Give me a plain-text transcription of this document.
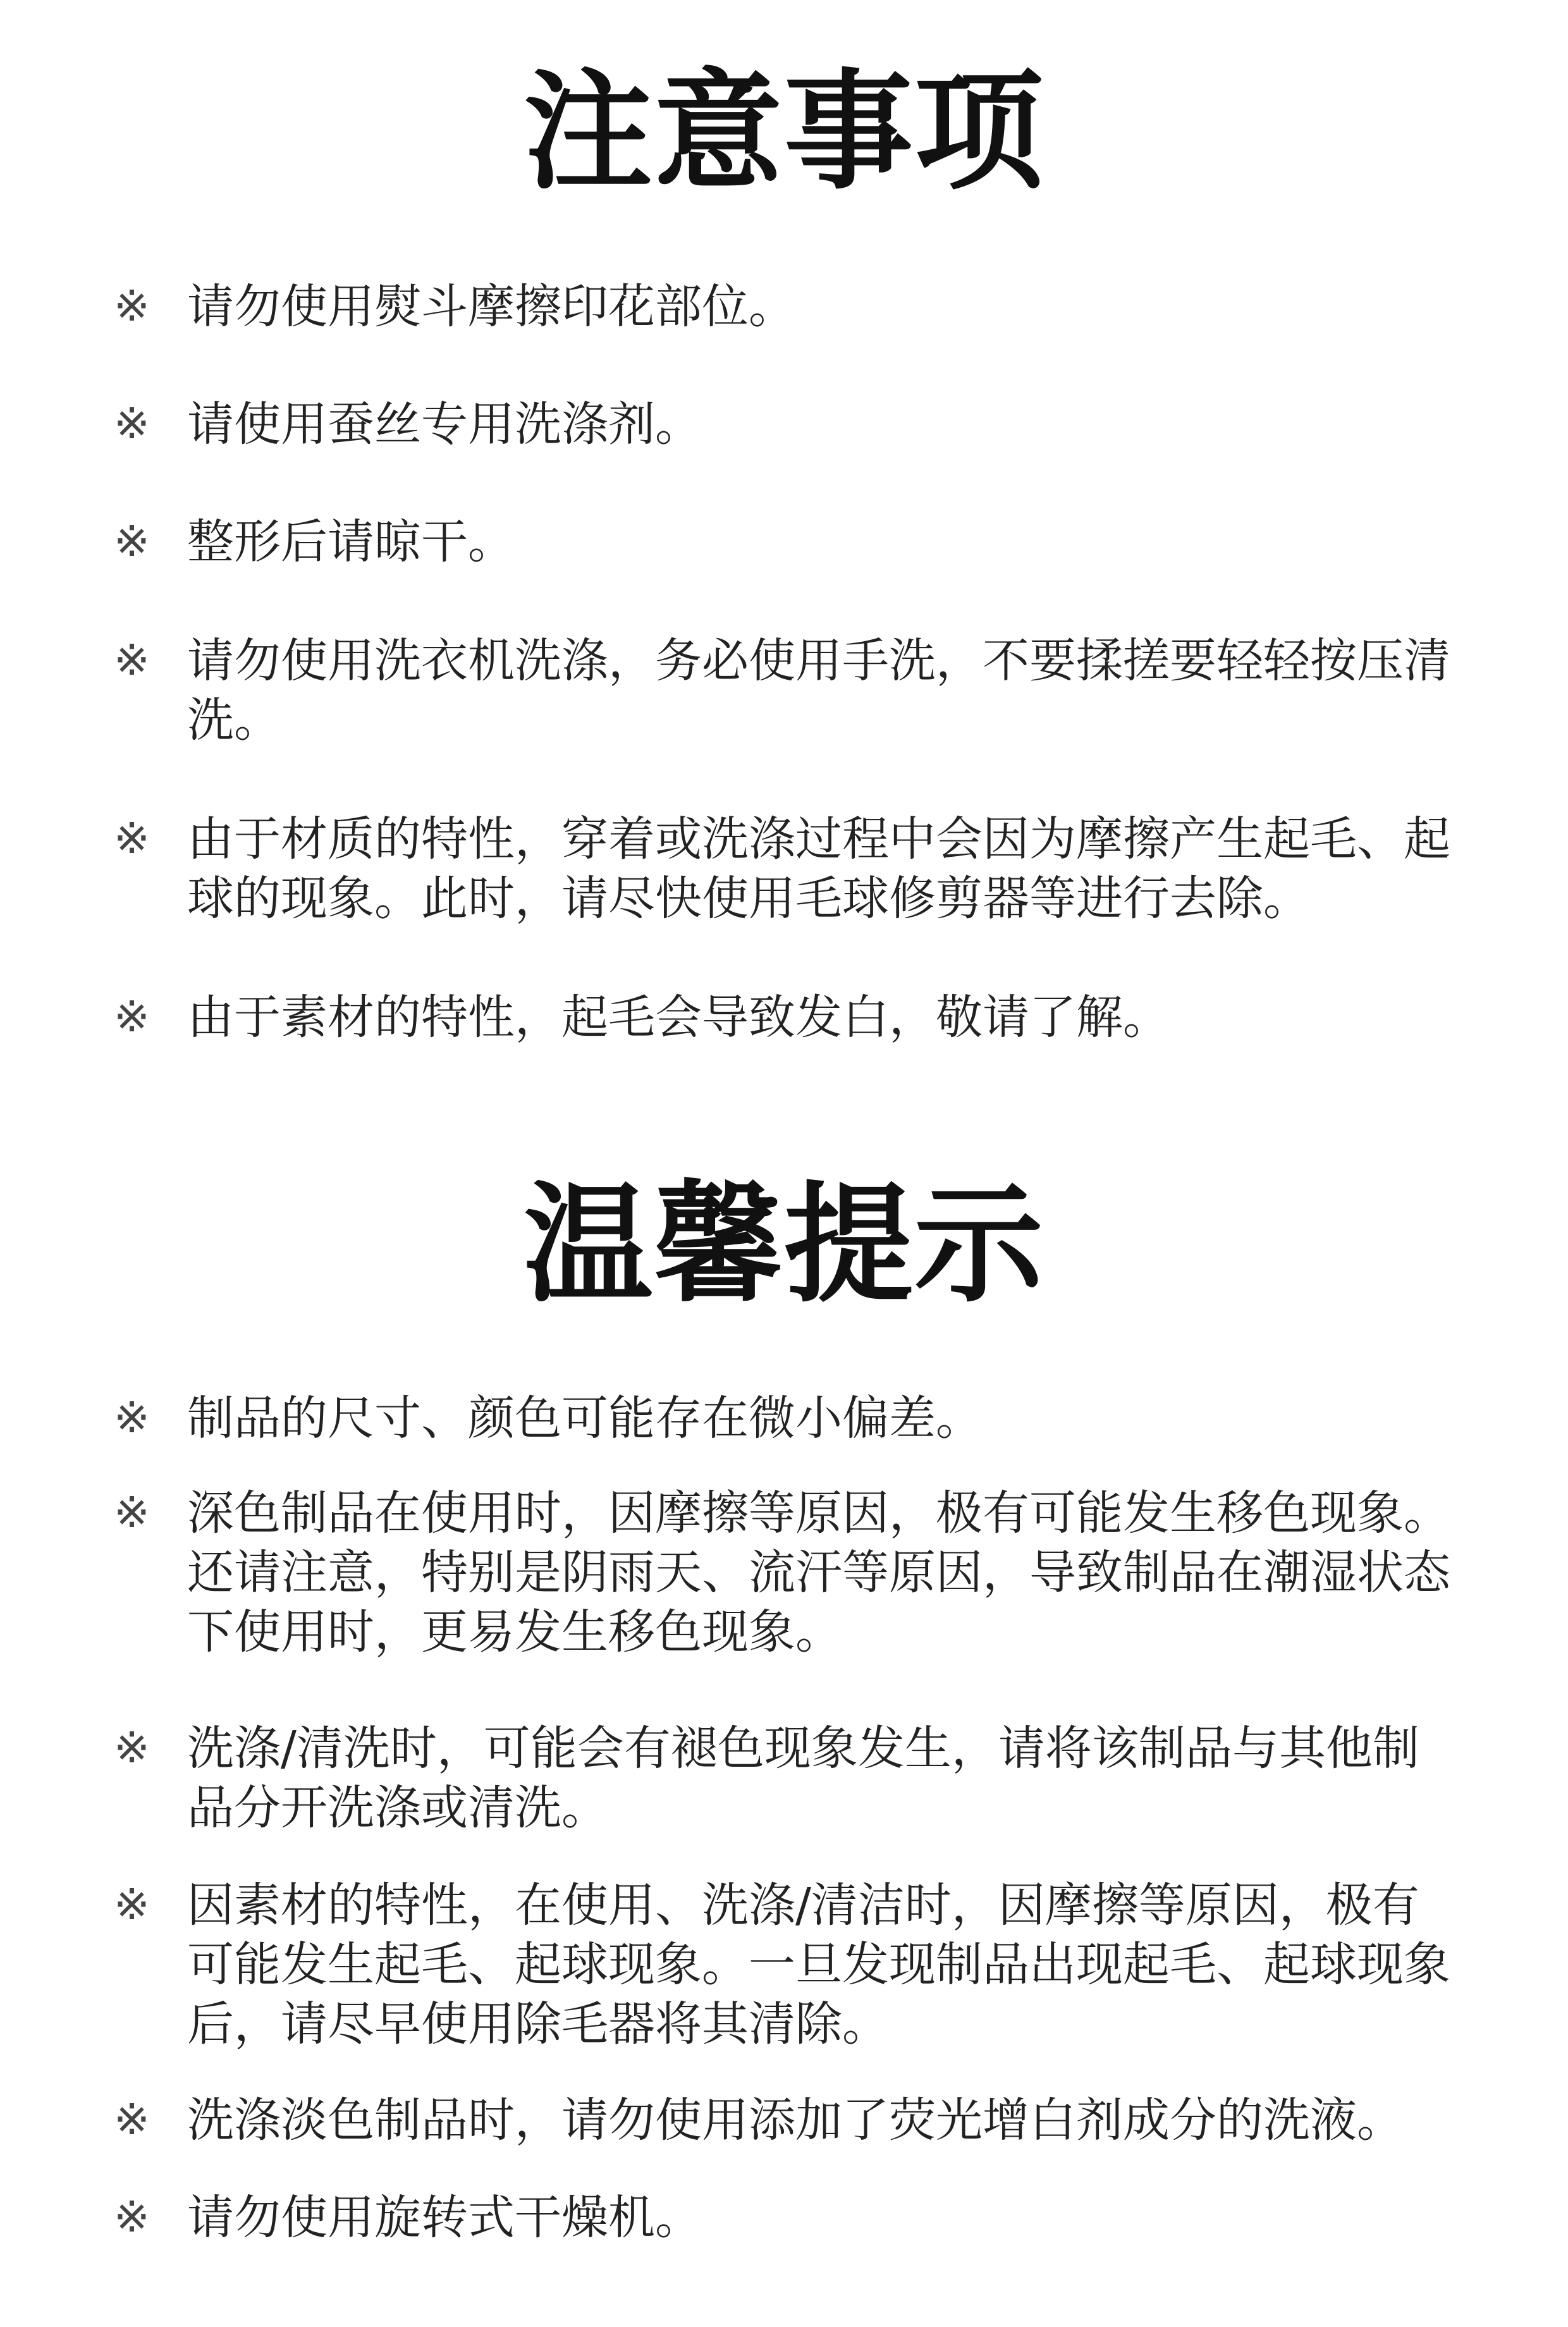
注意事项
※ 请勿使用熨斗摩擦印花部位。

※ 请使用蚕丝专用洗涤剂。

※ 整形后请晾干。

※ 请勿使用洗衣机洗涤，务必使用手洗，不要揉搓要轻轻按压清洗。

※ 由于材质的特性，穿着或洗涤过程中会因为摩擦产生起毛、起球的现象。此时，请尽快使用毛球修剪器等进行去除。

※ 由于素材的特性，起毛会导致发白，敬请了解。

温馨提示
※ 制品的尺寸、颜色可能存在微小偏差。

※ 深色制品在使用时，因摩擦等原因，极有可能发生移色现象。还请注意，特别是阴雨天、流汗等原因，导致制品在潮湿状态下使用时，更易发生移色现象。

※ 洗涤/清洗时，可能会有褪色现象发生，请将该制品与其他制品分开洗涤或清洗。

※ 因素材的特性，在使用、洗涤/清洁时，因摩擦等原因，极有可能发生起毛、起球现象。一旦发现制品出现起毛、起球现象后，请尽早使用除毛器将其清除。

※ 洗涤淡色制品时，请勿使用添加了荧光增白剂成分的洗液。

※ 请勿使用旋转式干燥机。
